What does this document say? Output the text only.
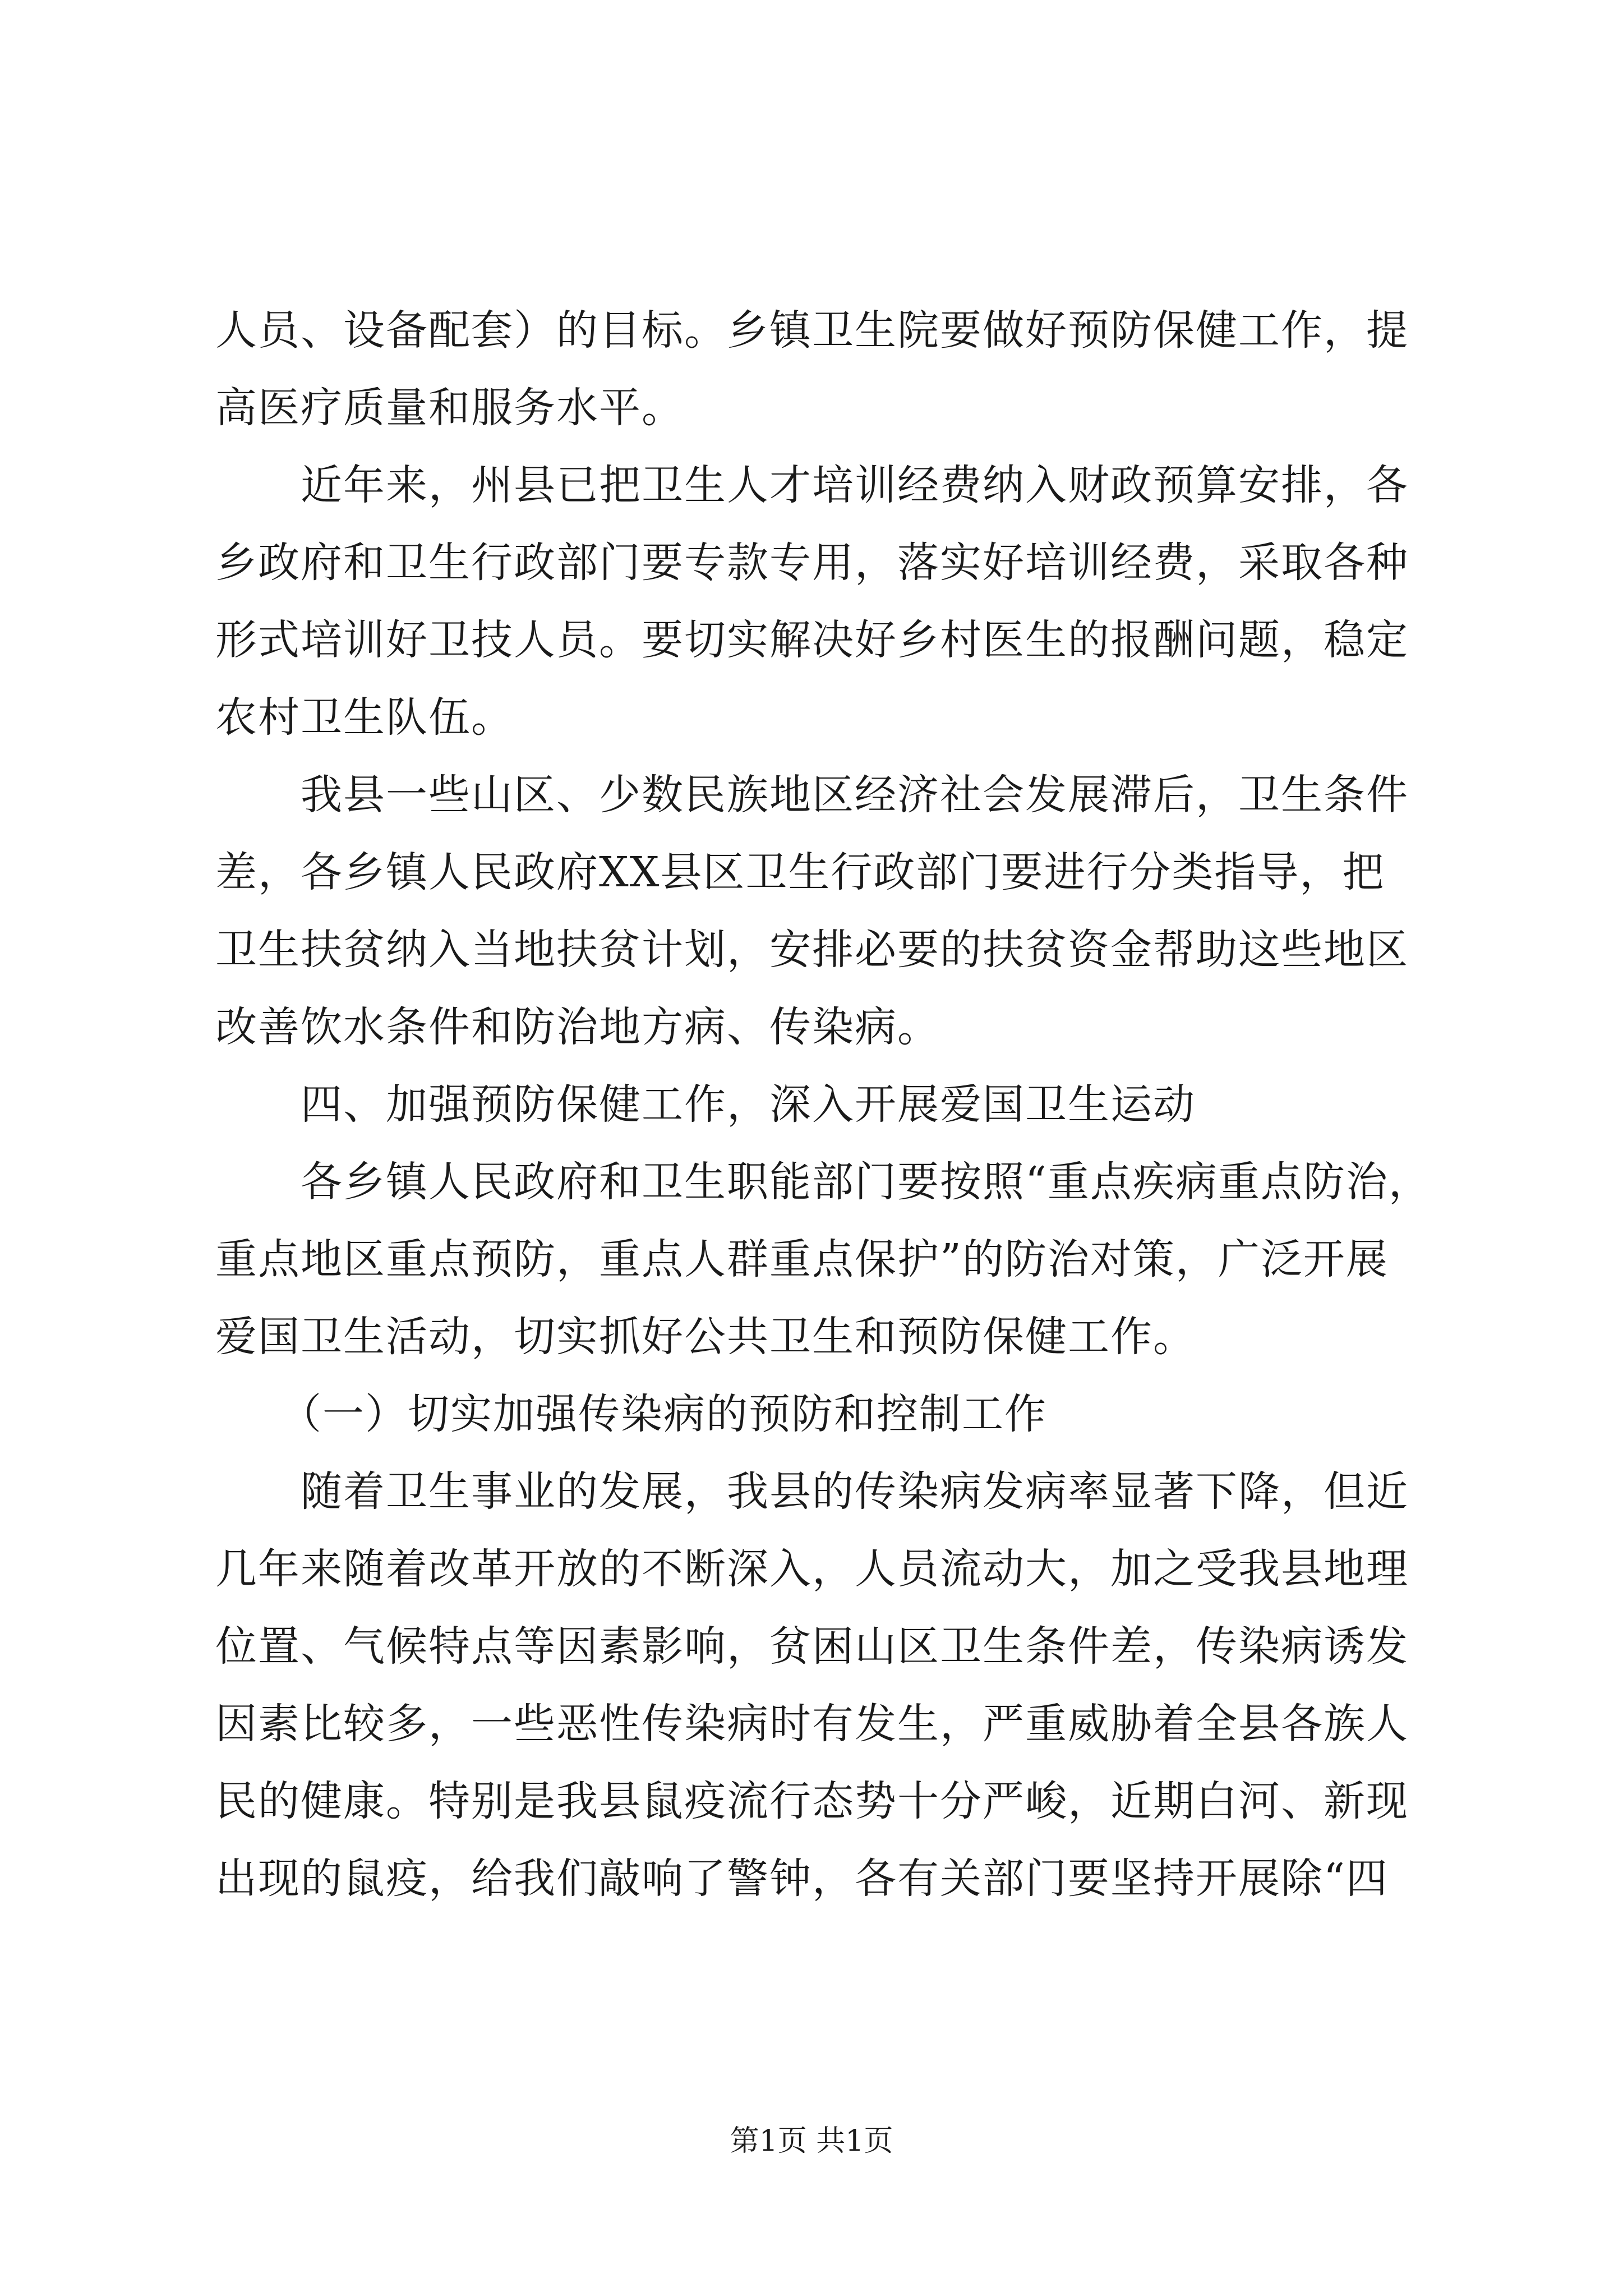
人员、设备配套）的目标。乡镇卫生院要做好预防保健工作，提
高医疗质量和服务水平。
　　近年来，州县已把卫生人才培训经费纳入财政预算安排，各
乡政府和卫生行政部门要专款专用，落实好培训经费，采取各种
形式培训好卫技人员。要切实解决好乡村医生的报酬问题，稳定
农村卫生队伍。
　　我县一些山区、少数民族地区经济社会发展滞后，卫生条件
差，各乡镇人民政府XX县区卫生行政部门要进行分类指导，把
卫生扶贫纳入当地扶贫计划，安排必要的扶贫资金帮助这些地区
改善饮水条件和防治地方病、传染病。
　　四、加强预防保健工作，深入开展爱国卫生运动
　　各乡镇人民政府和卫生职能部门要按照“重点疾病重点防治，
重点地区重点预防，重点人群重点保护”的防治对策，广泛开展
爱国卫生活动，切实抓好公共卫生和预防保健工作。
　　（一）切实加强传染病的预防和控制工作
　　随着卫生事业的发展，我县的传染病发病率显著下降，但近
几年来随着改革开放的不断深入，人员流动大，加之受我县地理
位置、气候特点等因素影响，贫困山区卫生条件差，传染病诱发
因素比较多，一些恶性传染病时有发生，严重威胁着全县各族人
民的健康。特别是我县鼠疫流行态势十分严峻，近期白河、新现
出现的鼠疫，给我们敲响了警钟，各有关部门要坚持开展除“四
第1页 共1页
